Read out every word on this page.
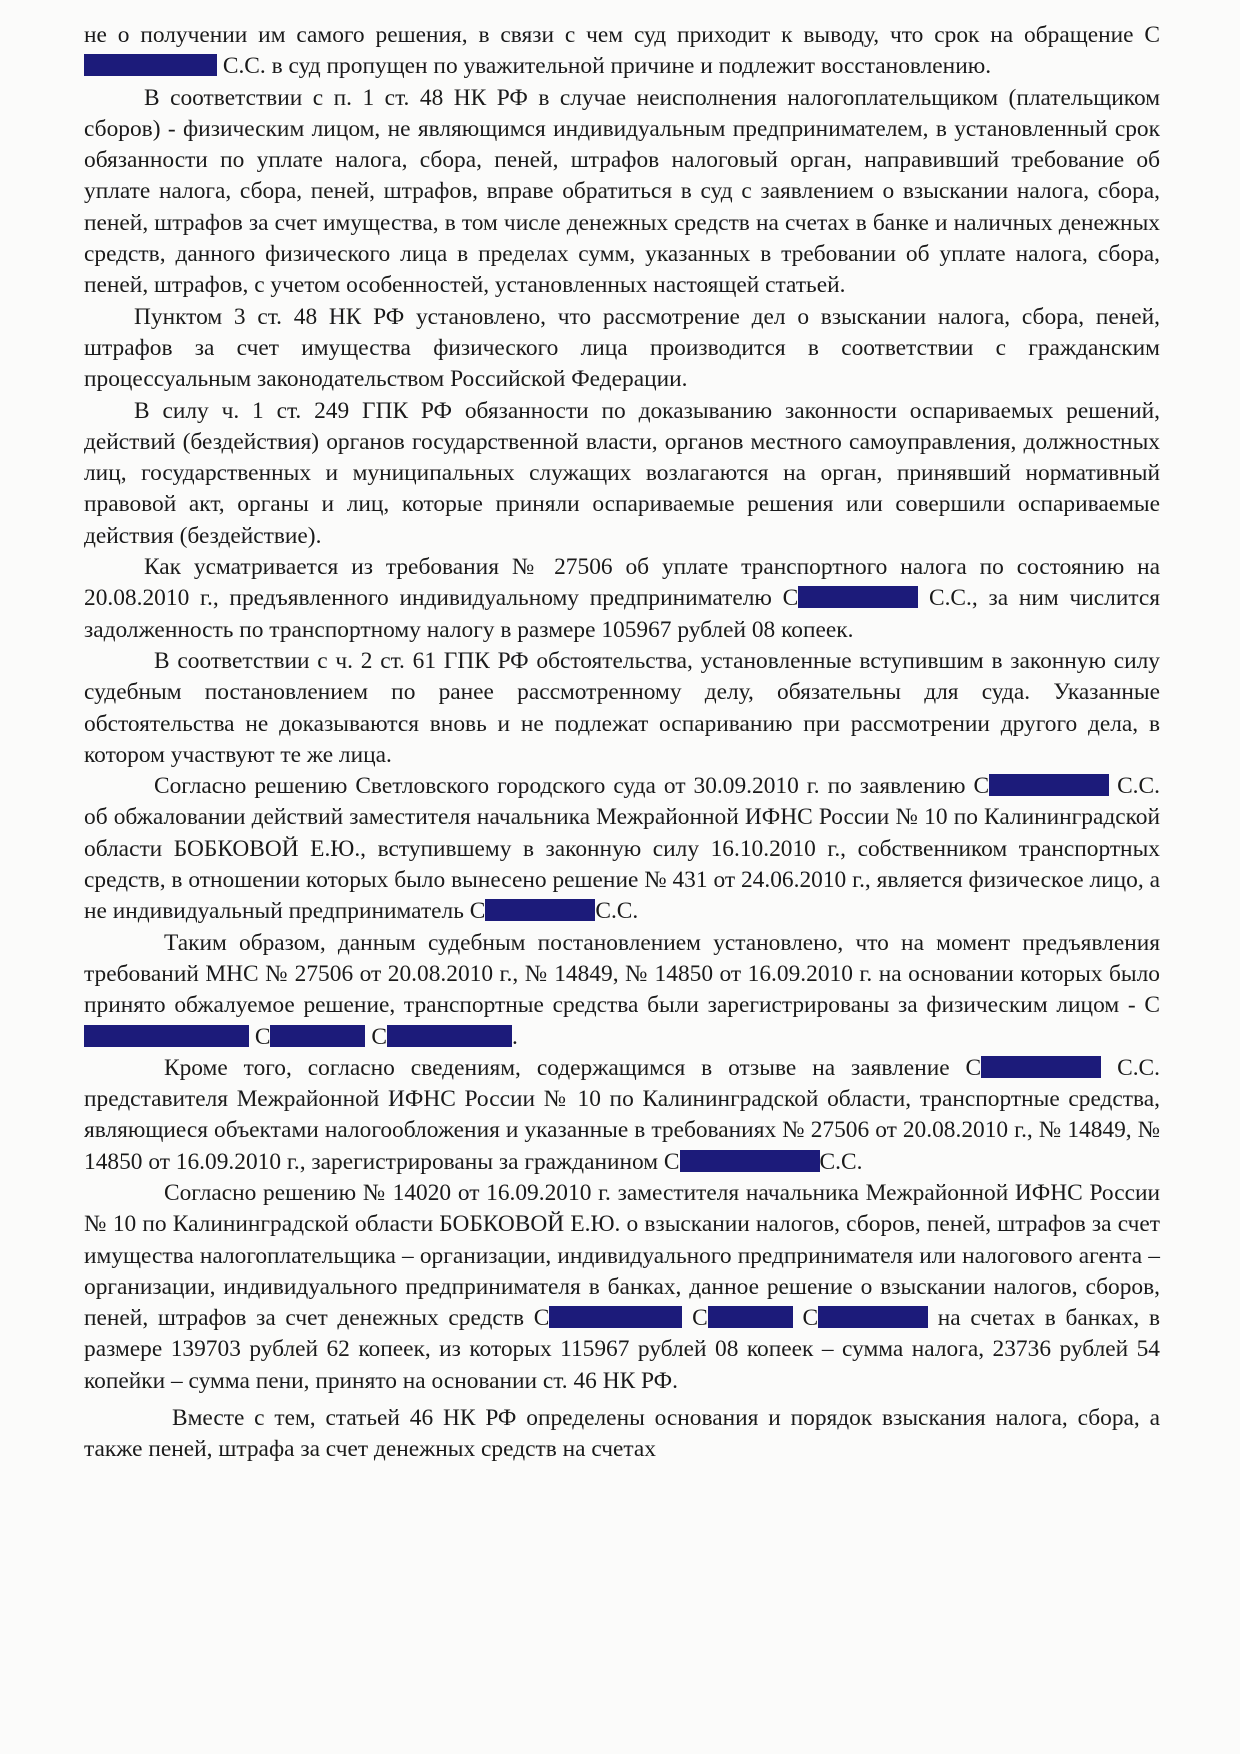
не о получении им самого решения, в связи с чем суд приходит к выводу, что срок на обращение С С.С. в суд пропущен по уважительной причине и подлежит восстановлению.

В соответствии с п. 1 ст. 48 НК РФ в случае неисполнения налогоплательщиком (плательщиком сборов) - физическим лицом, не являющимся индивидуальным предпринимателем, в установленный срок обязанности по уплате налога, сбора, пеней, штрафов налоговый орган, направивший требование об уплате налога, сбора, пеней, штрафов, вправе обратиться в суд с заявлением о взыскании налога, сбора, пеней, штрафов за счет имущества, в том числе денежных средств на счетах в банке и наличных денежных средств, данного физического лица в пределах сумм, указанных в требовании об уплате налога, сбора, пеней, штрафов, с учетом особенностей, установленных настоящей статьей.

Пунктом 3 ст. 48 НК РФ установлено, что рассмотрение дел о взыскании налога, сбора, пеней, штрафов за счет имущества физического лица производится в соответствии с гражданским процессуальным законодательством Российской Федерации.

В силу ч. 1 ст. 249 ГПК РФ обязанности по доказыванию законности оспариваемых решений, действий (бездействия) органов государственной власти, органов местного самоуправления, должностных лиц, государственных и муниципальных служащих возлагаются на орган, принявший нормативный правовой акт, органы и лиц, которые приняли оспариваемые решения или совершили оспариваемые действия (бездействие).

Как усматривается из требования № 27506 об уплате транспортного налога по состоянию на 20.08.2010 г., предъявленного индивидуальному предпринимателю С	С.С., за ним числится задолженность по транспортному налогу в размере 105967 рублей 08 копеек.

В соответствии с ч. 2 ст. 61 ГПК РФ обстоятельства, установленные вступившим в законную силу судебным постановлением по ранее рассмотренному делу, обязательны для суда. Указанные обстоятельства не доказываются вновь и не подлежат оспариванию при рассмотрении другого дела, в котором участвуют те же лица.

Согласно решению Светловского городского суда от 30.09.2010 г. по заявлению С	С.С. об обжаловании действий заместителя начальника Межрайонной ИФНС России № 10 по Калининградской области БОБКОВОЙ Е.Ю., вступившему в законную силу 16.10.2010 г., собственником транспортных средств, в отношении которых было вынесено решение № 431 от 24.06.2010 г., является физическое лицо, а не индивидуальный предприниматель С	С.С.

Таким образом, данным судебным постановлением установлено, что на момент предъявления требований МНС № 27506 от 20.08.2010 г., № 14849, № 14850 от 16.09.2010 г. на основании которых было принято обжалуемое решение, транспортные средства были зарегистрированы за физическим лицом - С С	С	.

Кроме того, согласно сведениям, содержащимся в отзыве на заявление С	С.С. представителя Межрайонной ИФНС России № 10 по Калининградской области, транспортные средства, являющиеся объектами налогообложения и указанные в требованиях № 27506 от 20.08.2010 г., № 14849, № 14850 от 16.09.2010 г., зарегистрированы за гражданином С	С.С.

Согласно решению № 14020 от 16.09.2010 г. заместителя начальника Межрайонной ИФНС России № 10 по Калининградской области БОБКОВОЙ Е.Ю. о взыскании налогов, сборов, пеней, штрафов за счет имущества налогоплательщика – организации, индивидуального предпринимателя или налогового агента – организации, индивидуального предпринимателя в банках, данное решение о взыскании налогов, сборов, пеней, штрафов за счет денежных средств С	С	С	на счетах в банках, в размере 139703 рублей 62 копеек, из которых 115967 рублей 08 копеек – сумма налога, 23736 рублей 54 копейки – сумма пени, принято на основании ст. 46 НК РФ.

Вместе с тем, статьей 46 НК РФ определены основания и порядок взыскания налога, сбора, а также пеней, штрафа за счет денежных средств на счетах
